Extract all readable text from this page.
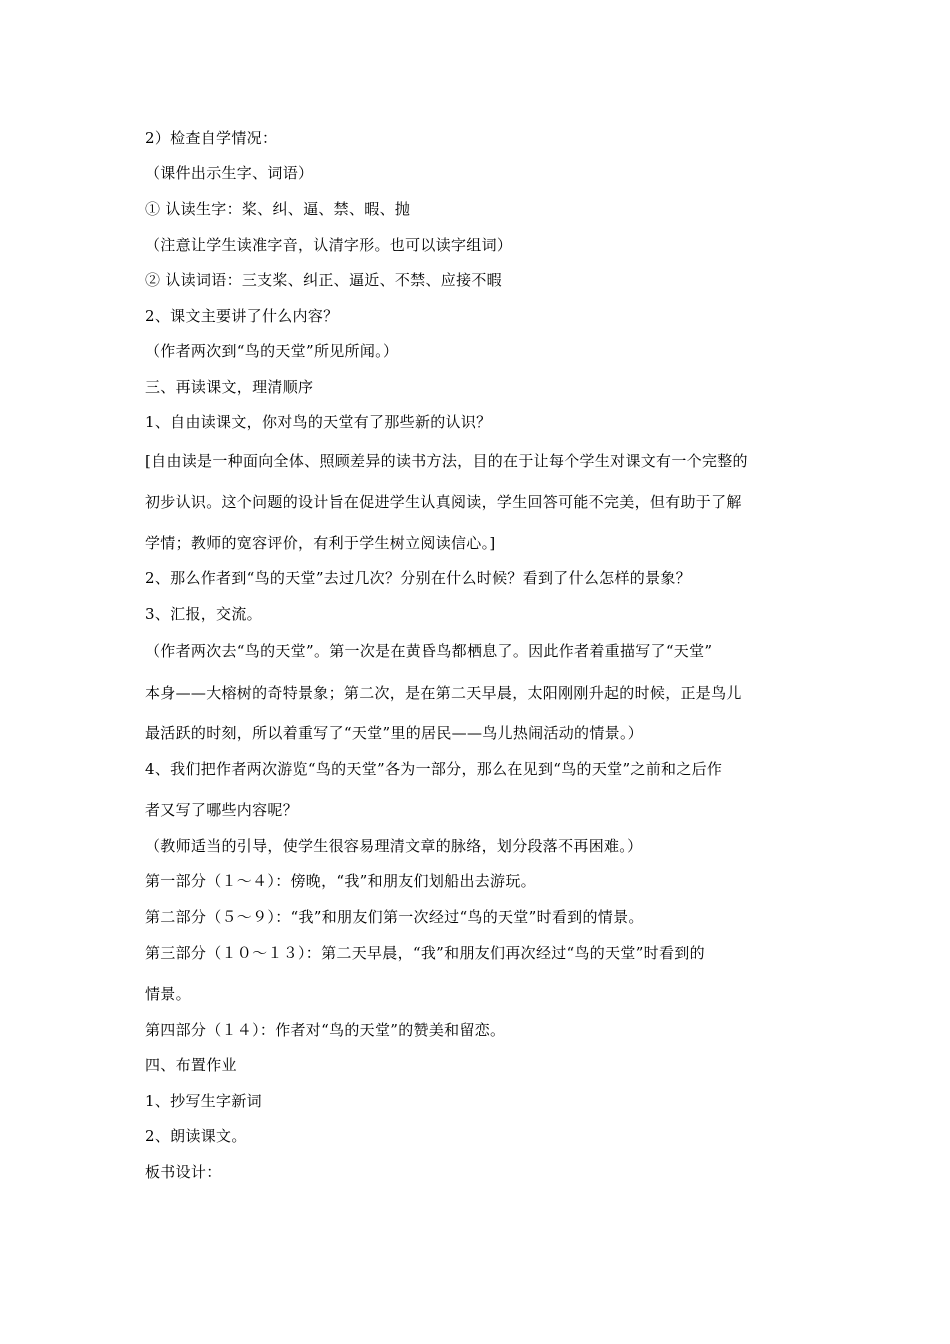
2）检查自学情况：
（课件出示生字、词语）
① 认读生字：桨、纠、逼、禁、暇、抛
（注意让学生读准字音，认清字形。也可以读字组词）
② 认读词语：三支桨、纠正、逼近、不禁、应接不暇
2、课文主要讲了什么内容？
（作者两次到“鸟的天堂”所见所闻。）
三、再读课文，理清顺序
1、自由读课文，你对鸟的天堂有了那些新的认识？
[自由读是一种面向全体、照顾差异的读书方法，目的在于让每个学生对课文有一个完整的
初步认识。这个问题的设计旨在促进学生认真阅读，学生回答可能不完美，但有助于了解
学情；教师的宽容评价，有利于学生树立阅读信心。]
2、那么作者到“鸟的天堂”去过几次？分别在什么时候？看到了什么怎样的景象？
3、汇报，交流。
（作者两次去“鸟的天堂”。第一次是在黄昏鸟都栖息了。因此作者着重描写了“天堂”
本身——大榕树的奇特景象；第二次，是在第二天早晨，太阳刚刚升起的时候，正是鸟儿
最活跃的时刻，所以着重写了“天堂”里的居民——鸟儿热闹活动的情景。）
4、我们把作者两次游览“鸟的天堂”各为一部分，那么在见到“鸟的天堂”之前和之后作
者又写了哪些内容呢？
（教师适当的引导，使学生很容易理清文章的脉络，划分段落不再困难。）
第一部分（１～４）：傍晚，“我”和朋友们划船出去游玩。
第二部分（５～９）：“我”和朋友们第一次经过“鸟的天堂”时看到的情景。
第三部分（１０～１３）：第二天早晨，“我”和朋友们再次经过“鸟的天堂”时看到的
情景。
第四部分（１４）：作者对“鸟的天堂”的赞美和留恋。
四、布置作业
1、抄写生字新词
2、朗读课文。
板书设计：
